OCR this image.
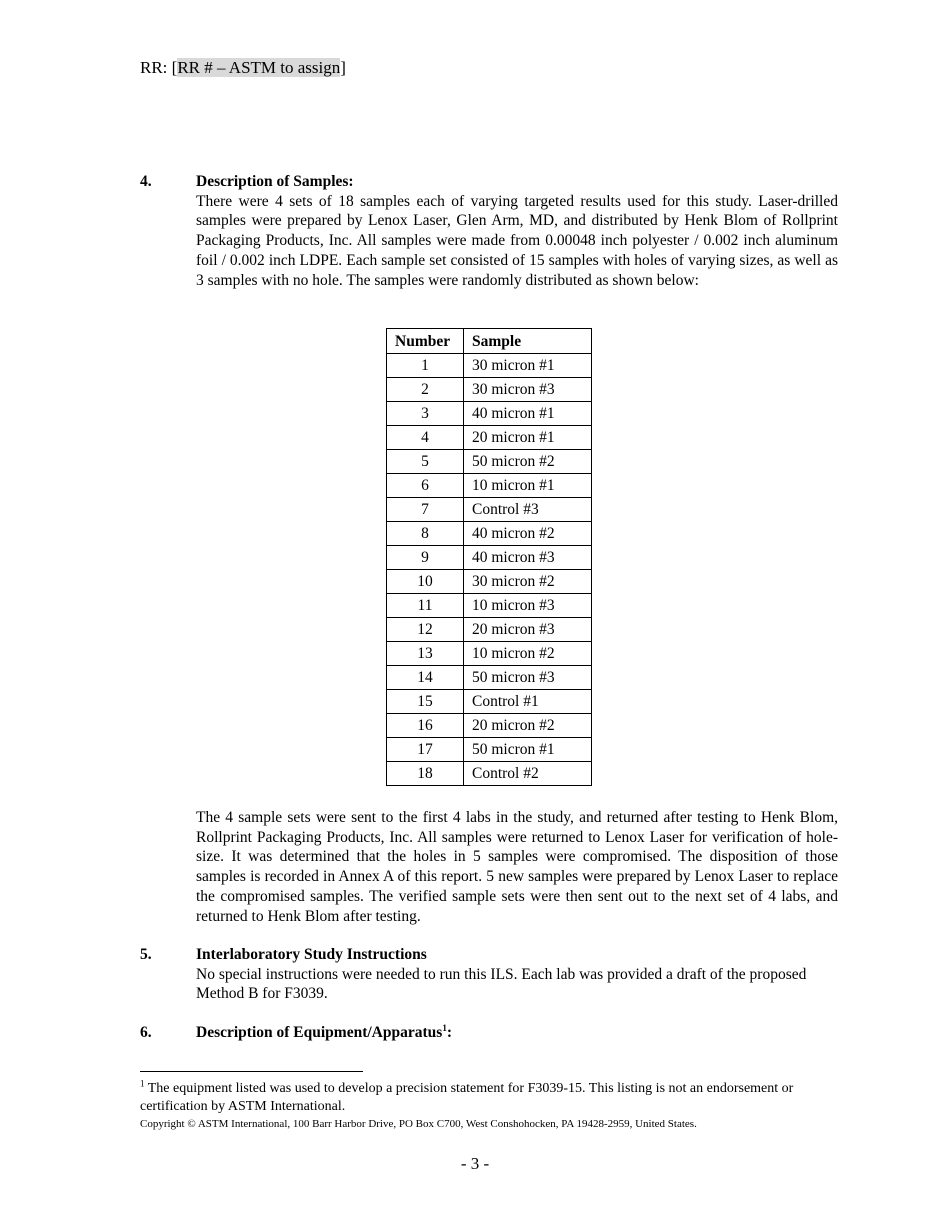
RR: [RR # – ASTM to assign]
4.	Description of Samples:

There were 4 sets of 18 samples each of varying targeted results used for this study. Laser-drilled samples were prepared by Lenox Laser, Glen Arm, MD, and distributed by Henk Blom of Rollprint Packaging Products, Inc. All samples were made from 0.00048 inch polyester / 0.002 inch aluminum foil / 0.002 inch LDPE. Each sample set consisted of 15 samples with holes of varying sizes, as well as 3 samples with no hole. The samples were randomly distributed as shown below:

Number	Sample
1	30 micron #1
2	30 micron #3
3	40 micron #1
4	20 micron #1
5	50 micron #2
6	10 micron #1
7	Control #3
8	40 micron #2
9	40 micron #3
10	30 micron #2
11	10 micron #3
12	20 micron #3
13	10 micron #2
14	50 micron #3
15	Control #1
16	20 micron #2
17	50 micron #1
18	Control #2

The 4 sample sets were sent to the first 4 labs in the study, and returned after testing to Henk Blom, Rollprint Packaging Products, Inc. All samples were returned to Lenox Laser for verification of hole-size. It was determined that the holes in 5 samples were compromised. The disposition of those samples is recorded in Annex A of this report. 5 new samples were prepared by Lenox Laser to replace the compromised samples. The verified sample sets were then sent out to the next set of 4 labs, and returned to Henk Blom after testing.

5.	Interlaboratory Study Instructions

No special instructions were needed to run this ILS. Each lab was provided a draft of the proposed Method B for F3039.

6.	Description of Equipment/Apparatus$^1$:
$^1$ The equipment listed was used to develop a precision statement for F3039-15. This listing is not an endorsement or certification by ASTM International.
Copyright © ASTM International, 100 Barr Harbor Drive, PO Box C700, West Conshohocken, PA 19428-2959, United States.
- 3 -
